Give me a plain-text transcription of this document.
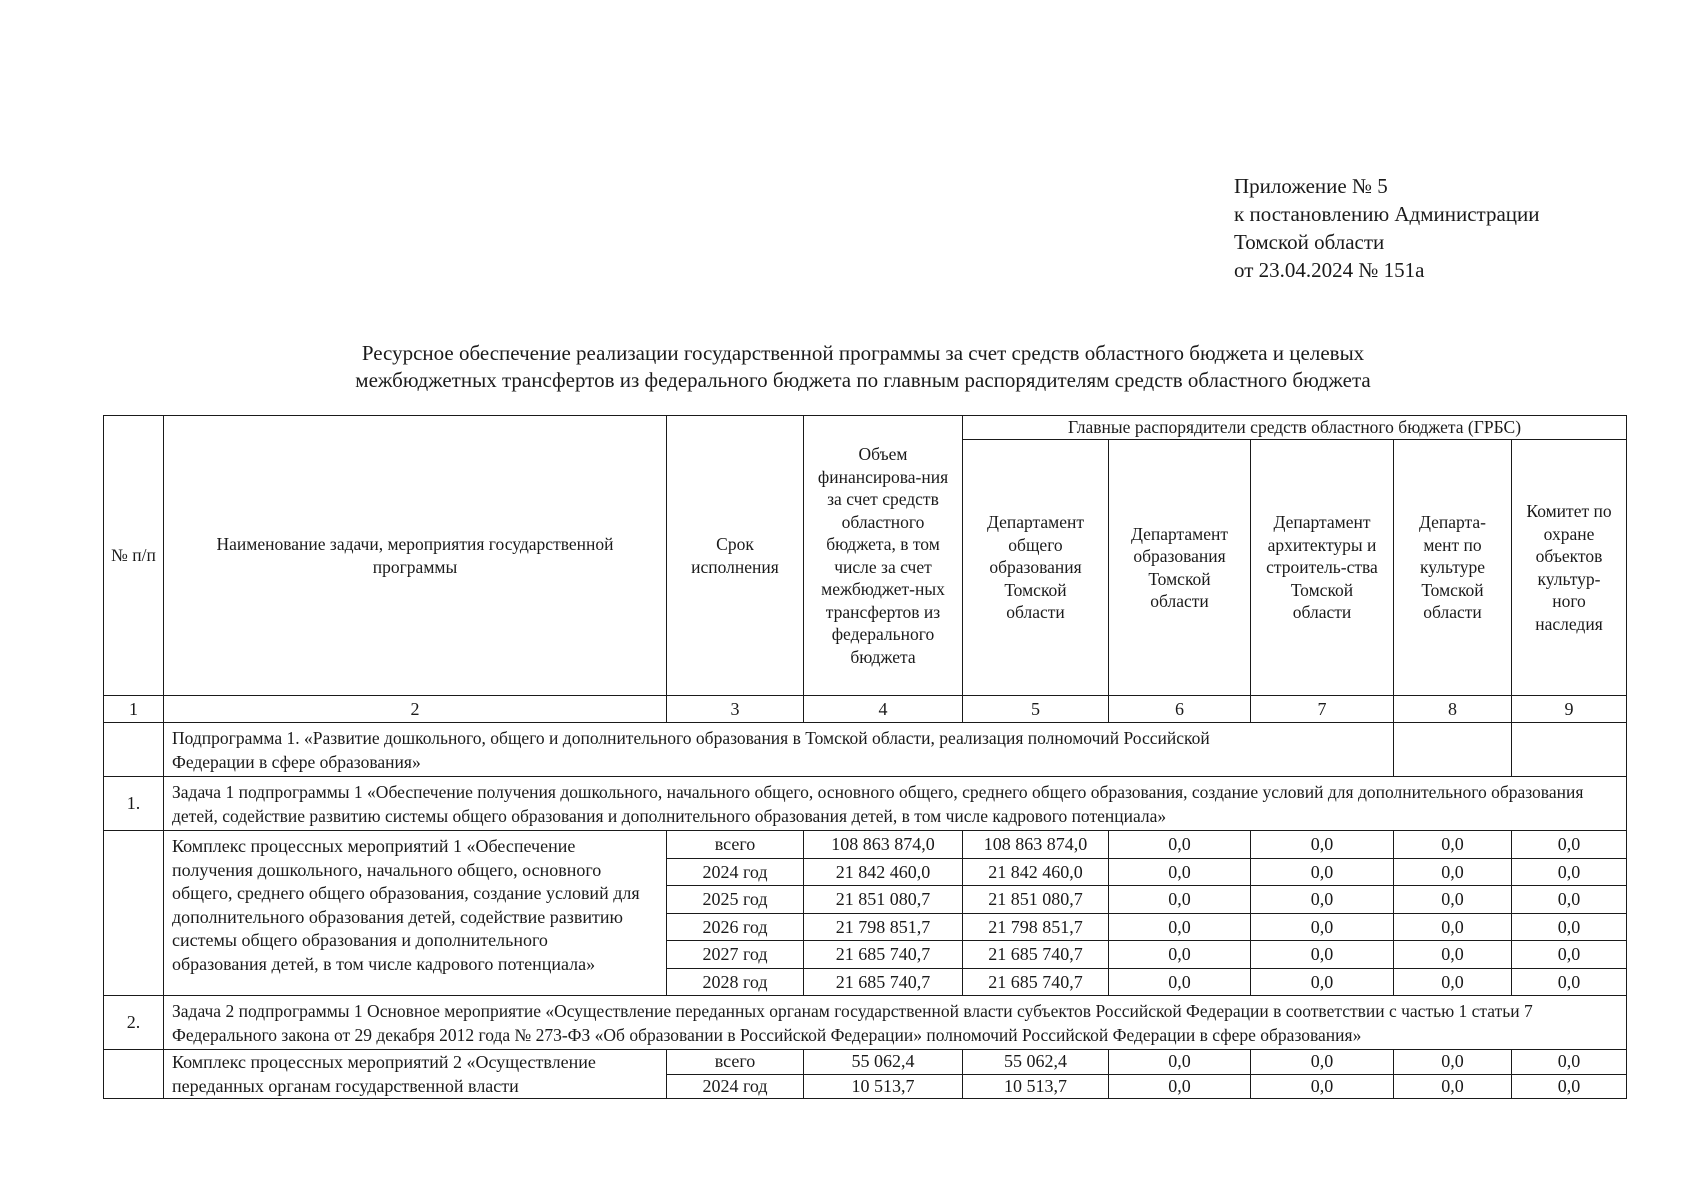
Приложение № 5
к постановлению Администрации
Томской области
от 23.04.2024 № 151а
Ресурсное обеспечение реализации государственной программы за счет средств областного бюджета и целевых
межбюджетных трансфертов из федерального бюджета по главным распорядителям средств областного бюджета
№ п/п	Наименование задачи, мероприятия государственной программы	Срок исполнения	Объем финансирова-ния за счет средств областного бюджета, в том числе за счет межбюджет-ных трансфертов из федерального бюджета	Главные распорядители средств областного бюджета (ГРБС)				
				Департамент общего образования Томской области	Департамент образования Томской области	Департамент архитектуры и строитель-ства Томской области	Департа-мент по культуре Томской области	Комитет по охране объектов культур-ного наследия
1	2	3	4	5	6	7	8	9
	Подпрограмма 1. «Развитие дошкольного, общего и дополнительного образования в Томской области, реализация полномочий Российской Федерации в сфере образования»							
1.	Задача 1 подпрограммы 1 «Обеспечение получения дошкольного, начального общего, основного общего, среднего общего образования, создание условий для дополнительного образования детей, содействие развитию системы общего образования и дополнительного образования детей, в том числе кадрового потенциала»							
	Комплекс процессных мероприятий 1 «Обеспечение получения дошкольного, начального общего, основного общего, среднего общего образования, создание условий для дополнительного образования детей, содействие развитию системы общего образования и дополнительного образования детей, в том числе кадрового потенциала»	всего	108 863 874,0	108 863 874,0	0,0	0,0	0,0	0,0
		2024 год	21 842 460,0	21 842 460,0	0,0	0,0	0,0	0,0
		2025 год	21 851 080,7	21 851 080,7	0,0	0,0	0,0	0,0
		2026 год	21 798 851,7	21 798 851,7	0,0	0,0	0,0	0,0
		2027 год	21 685 740,7	21 685 740,7	0,0	0,0	0,0	0,0
		2028 год	21 685 740,7	21 685 740,7	0,0	0,0	0,0	0,0
2.	Задача 2 подпрограммы 1 Основное мероприятие «Осуществление переданных органам государственной власти субъектов Российской Федерации в соответствии с частью 1 статьи 7 Федерального закона от 29 декабря 2012 года № 273-ФЗ «Об образовании в Российской Федерации» полномочий Российской Федерации в сфере образования»							
	Комплекс процессных мероприятий 2 «Осуществление переданных органам государственной власти	всего	55 062,4	55 062,4	0,0	0,0	0,0	0,0
		2024 год	10 513,7	10 513,7	0,0	0,0	0,0	0,0
